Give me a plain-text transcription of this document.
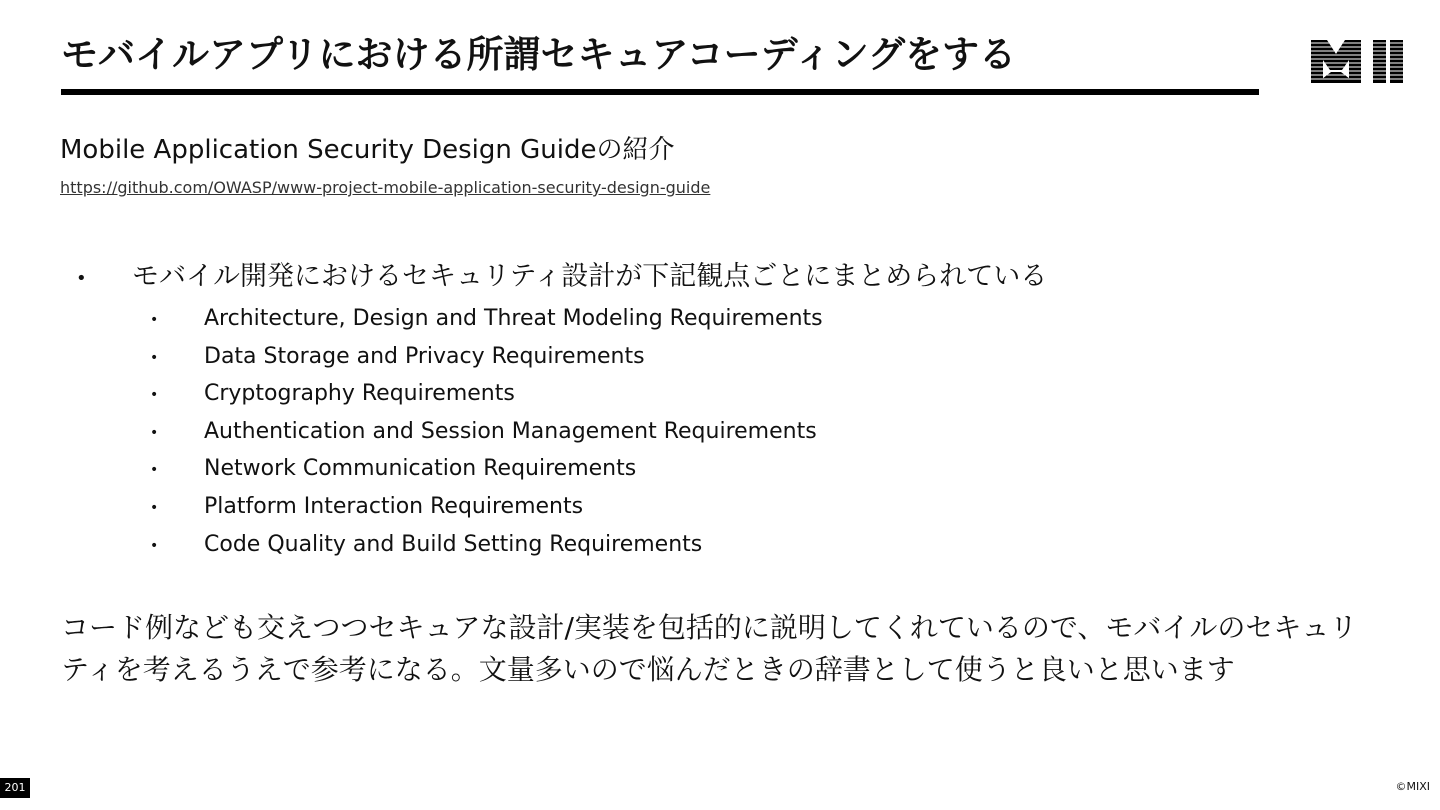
モバイルアプリにおける所謂セキュアコーディングをする
Mobile Application Security Design Guideの紹介
https://github.com/OWASP/www-project-mobile-application-security-design-guide
• モバイル開発におけるセキュリティ設計が下記観点ごとにまとめられている
• Architecture, Design and Threat Modeling Requirements
• Data Storage and Privacy Requirements
• Cryptography Requirements
• Authentication and Session Management Requirements
• Network Communication Requirements
• Platform Interaction Requirements
• Code Quality and Build Setting Requirements

コード例なども交えつつセキュアな設計/実装を包括的に説明してくれているので、モバイルのセキュリティを考えるうえで参考になる。文量多いので悩んだときの辞書として使うと良いと思います

201	©MIXI
